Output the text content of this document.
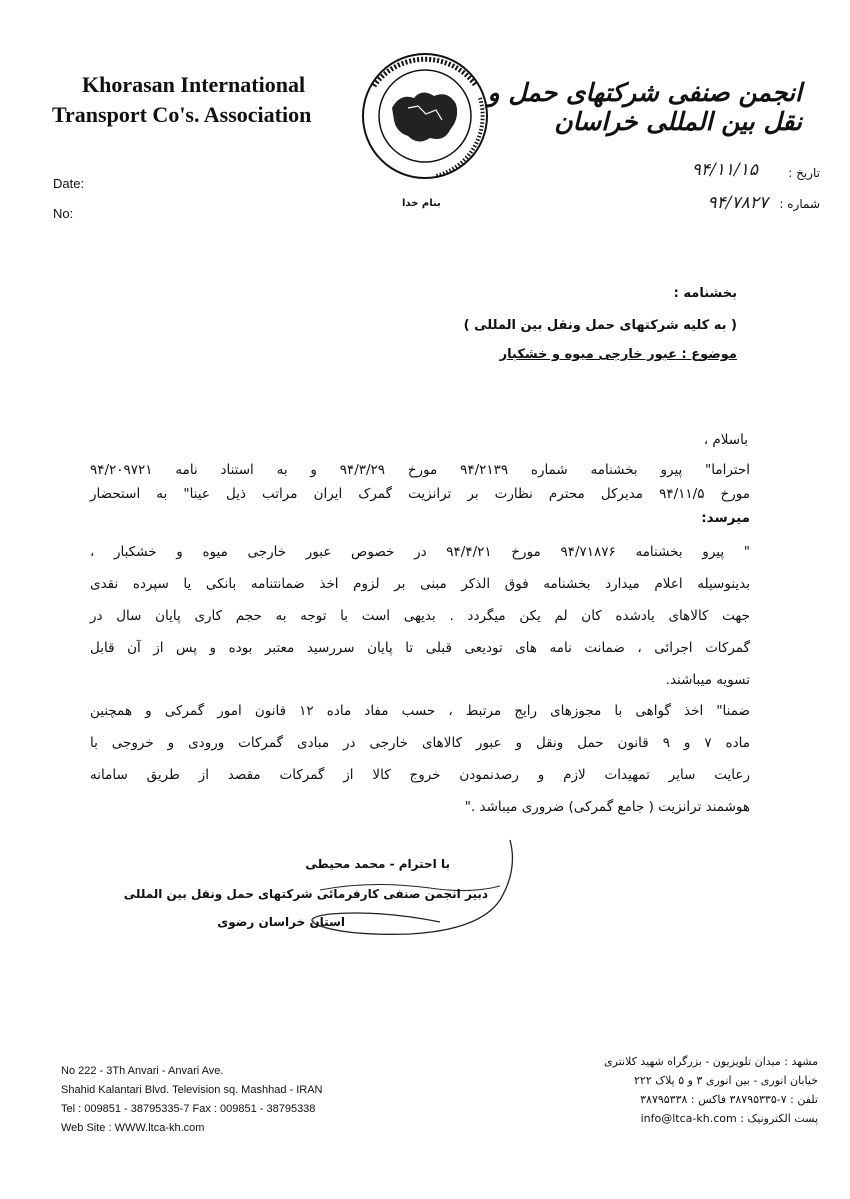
Khorasan International
Transport Co's. Association
انجمن صنفی شرکتهای حمل و نقل بین المللی خراسان
Date:
No:
بنام خدا
تاریخ :
شماره :
۹۴/۱۱/۱۵
۹۴/۷۸۲۷
بخشنامه :
( به کلیه شرکتهای حمل ونقل بین المللی )
موضوع : عبور خارجی میوه و خشکبار
باسلام ،
احتراما" پیرو بخشنامه شماره ۹۴/۲۱۳۹ مورخ ۹۴/۳/۲۹ و به استناد نامه ۹۴/۲۰۹۷۲۱
مورخ ۹۴/۱۱/۵ مدیرکل محترم نظارت بر ترانزیت گمرک ایران مراتب ذیل عینا" به استحضار
میرسد:
" پیرو بخشنامه ۹۴/۷۱۸۷۶ مورخ ۹۴/۴/۲۱ در خصوص عبور خارجی میوه و خشکبار ،
بدینوسیله اعلام میدارد بخشنامه فوق الذکر مبنی بر لزوم اخذ ضمانتنامه بانکی یا سپرده نقدی
جهت کالاهای یادشده کان لم یکن میگردد . بدیهی است با توجه به حجم کاری پایان سال در
گمرکات اجرائی ، ضمانت نامه های تودیعی قبلی تا پایان سررسید معتبر بوده و پس از آن قابل
تسویه میباشند.
ضمنا" اخذ گواهی با مجوزهای رایج مرتبط ، حسب مفاد ماده ۱۲ قانون امور گمرکی و همچنین
ماده ۷ و ۹ قانون حمل ونقل و عبور کالاهای خارجی در مبادی گمرکات ورودی و خروجی با
رعایت سایر تمهیدات لازم و رصدنمودن خروج کالا از گمرکات مقصد از طریق سامانه
هوشمند ترانزیت ( جامع گمرکی) ضروری میباشد ."
با احترام - محمد محیطی
دبیر انجمن صنفی کارفرمائی شرکتهای حمل ونقل بین المللی
استان خراسان رضوی
No 222 - 3Th Anvari - Anvari Ave.
Shahid Kalantari Blvd. Television sq. Mashhad - IRAN
Tel : 009851 - 38795335-7 Fax : 009851 - 38795338
Web Site : WWW.ltca-kh.com
مشهد : میدان تلویزیون - بزرگراه شهید کلانتری
خیابان انوری - بین انوری ۳ و ۵ پلاک ۲۲۲
تلفن : ۷-۳۸۷۹۵۳۳۵ فاکس : ۳۸۷۹۵۳۳۸
پست الکترونیک : info@ltca-kh.com
